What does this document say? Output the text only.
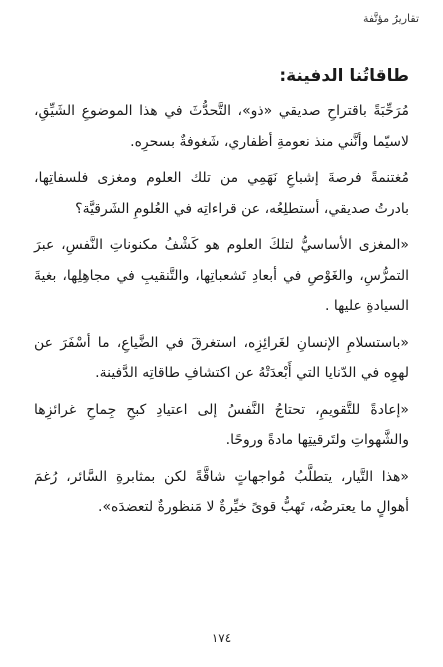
تقاريرُ مؤتَّفة
طاقاتُنا الدفينة:

مُرَحِّبَةً باقتراحِ صديقي «ذو»، التَّحدُّثَ في هذا الموضوعِ الشَيِّقِ، لاسيّما وأنَّني منذ نعومةِ أظفاري، شَغوفةٌ بسحرِه.

مُغتنمةً فرصةَ إشباعِ نَهَمِي من تلك العلوم ومغزى فلسفاتِها، بادرتُ صديقي، أستطلِعُه، عن قراءاتِه في العُلومِ الشَرقيَّة؟

«المغزى الأساسيُّ لتلكَ العلوم هو كَشْفُ مكنوناتِ النَّفسِ، عبرَ التمرُّسِ، والغَوْصِ في أبعادِ تَشعباتِها، والتَّنقيبِ في مجاهِلِها، بغيةَ السيادةِ عليها .

«باستسلامِ الإنسانِ لغَرائِزِه، استغرقَ في الضَّياعِ، ما أسْفَرَ عن لهوِه في الدّنايا التي أَبْعدَتْهُ عن اكتشافِ طاقاتِه الدَّفينة.

«إعادةً للتَّقويمِ، تحتاجُ النَّفسُ إلى اعتيادِ كبحِ جِماحِ غرائزِها والشَّهواتِ ولتَرقيتِها مادةً وروحًا.

«هذا التَّيار، يتطلَّبُ مُواجهاتٍ شاقَّةً لكن بمثابرةِ السَّائر، رُغمَ أهوالٍ ما يعترضُه، تَهبُّ قوىً خيِّرةٌ لا مَنظورةٌ لتعضدَه».

١٧٤
